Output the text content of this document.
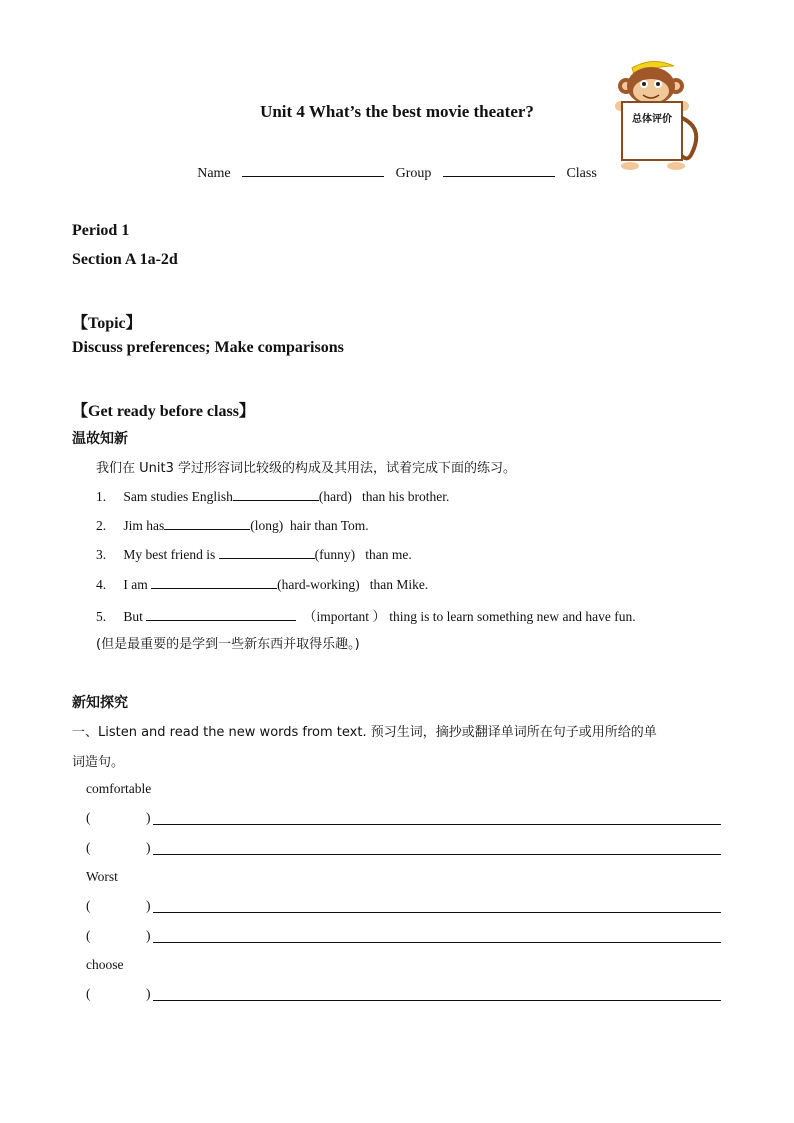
Unit 4 What’s the best movie theater?
Name	Group	Class
总体评价
Period 1
Section A 1a-2d
【Topic】
Discuss preferences; Make comparisons
【Get ready before class】
温故知新
我们在 Unit3 学过形容词比较级的构成及其用法，试着完成下面的练习。
1. Sam studies English	(hard) than his brother.
2. Jim has	(long) hair than Tom.
3. My best friend is	(funny) than me.
4. I am	(hard-working) than Mike.
5. But	（important ） thing is to learn something new and have fun.
(但是最重要的是学到一些新东西并取得乐趣。)
新知探究
一、Listen and read the new words from text. 预习生词，摘抄或翻译单词所在句子或用所给的单
词造句。
comfortable
(	)
(	)
Worst
(	)
(	)
choose
(	)
